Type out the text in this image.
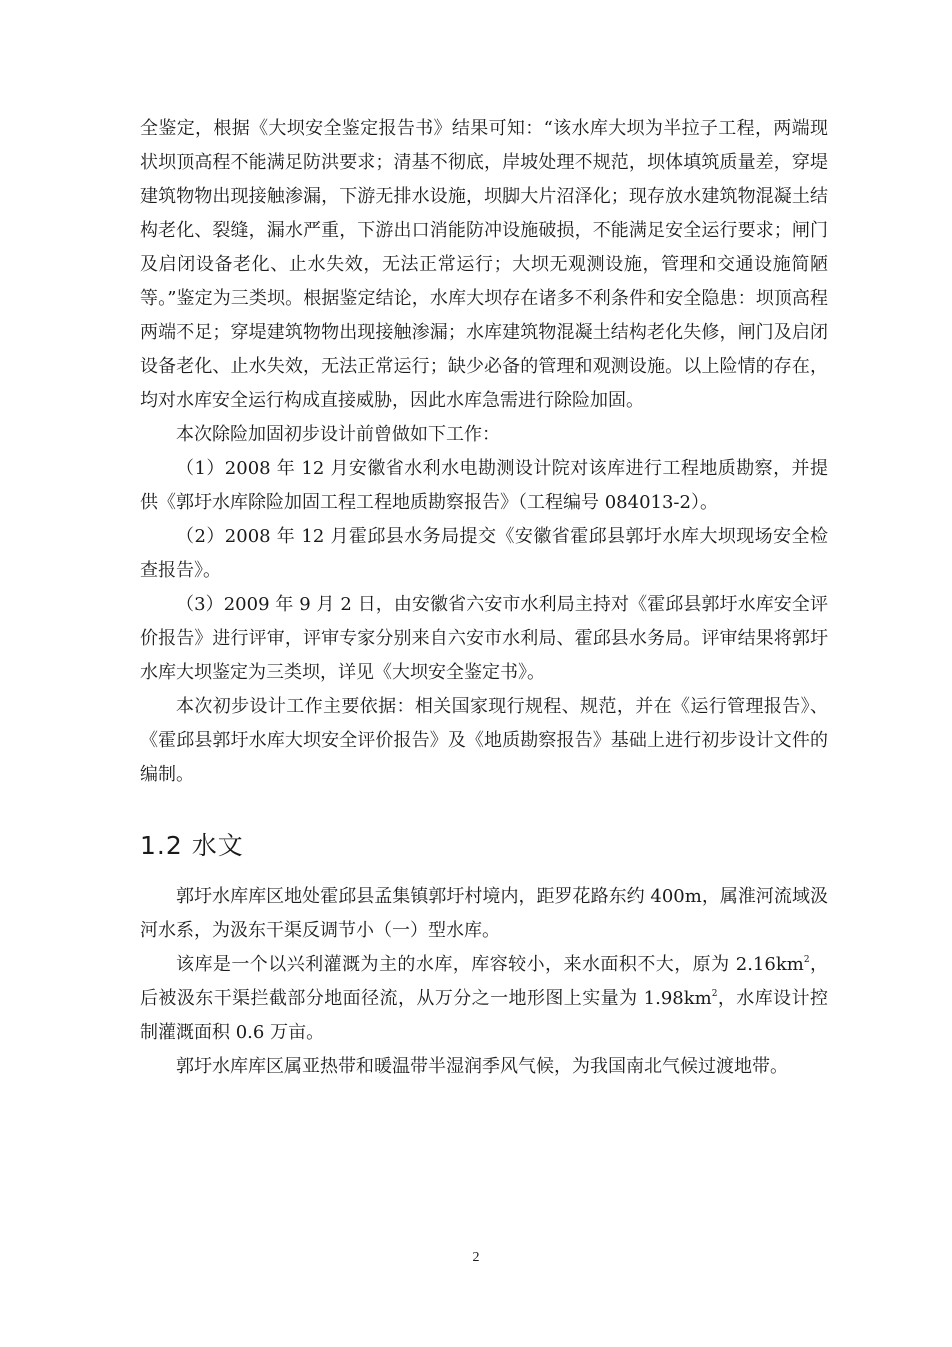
全鉴定，根据《大坝安全鉴定报告书》结果可知：“该水库大坝为半拉子工程，两端现状坝顶高程不能满足防洪要求；清基不彻底，岸坡处理不规范，坝体填筑质量差，穿堤建筑物物出现接触渗漏，下游无排水设施，坝脚大片沼泽化；现存放水建筑物混凝土结构老化、裂缝，漏水严重，下游出口消能防冲设施破损，不能满足安全运行要求；闸门及启闭设备老化、止水失效，无法正常运行；大坝无观测设施，管理和交通设施简陋等。”鉴定为三类坝。根据鉴定结论，水库大坝存在诸多不利条件和安全隐患：坝顶高程两端不足；穿堤建筑物物出现接触渗漏；水库建筑物混凝土结构老化失修，闸门及启闭设备老化、止水失效，无法正常运行；缺少必备的管理和观测设施。以上险情的存在，均对水库安全运行构成直接威胁，因此水库急需进行除险加固。

本次除险加固初步设计前曾做如下工作：

（1）2008 年 12 月安徽省水利水电勘测设计院对该库进行工程地质勘察，并提供《郭圩水库除险加固工程工程地质勘察报告》（工程编号 084013-2）。

（2）2008 年 12 月霍邱县水务局提交《安徽省霍邱县郭圩水库大坝现场安全检查报告》。

（3）2009 年 9 月 2 日，由安徽省六安市水利局主持对《霍邱县郭圩水库安全评价报告》进行评审，评审专家分别来自六安市水利局、霍邱县水务局。评审结果将郭圩水库大坝鉴定为三类坝，详见《大坝安全鉴定书》。

本次初步设计工作主要依据：相关国家现行规程、规范，并在《运行管理报告》、《霍邱县郭圩水库大坝安全评价报告》及《地质勘察报告》基础上进行初步设计文件的编制。

1.2 水文

郭圩水库库区地处霍邱县孟集镇郭圩村境内，距罗花路东约 400m，属淮河流域汲河水系，为汲东干渠反调节小（一）型水库。

该库是一个以兴利灌溉为主的水库，库容较小，来水面积不大，原为 $2.16km^2$，后被汲东干渠拦截部分地面径流，从万分之一地形图上实量为 $1.98km^2$，水库设计控制灌溉面积 0.6 万亩。

郭圩水库库区属亚热带和暖温带半湿润季风气候，为我国南北气候过渡地带。

2
